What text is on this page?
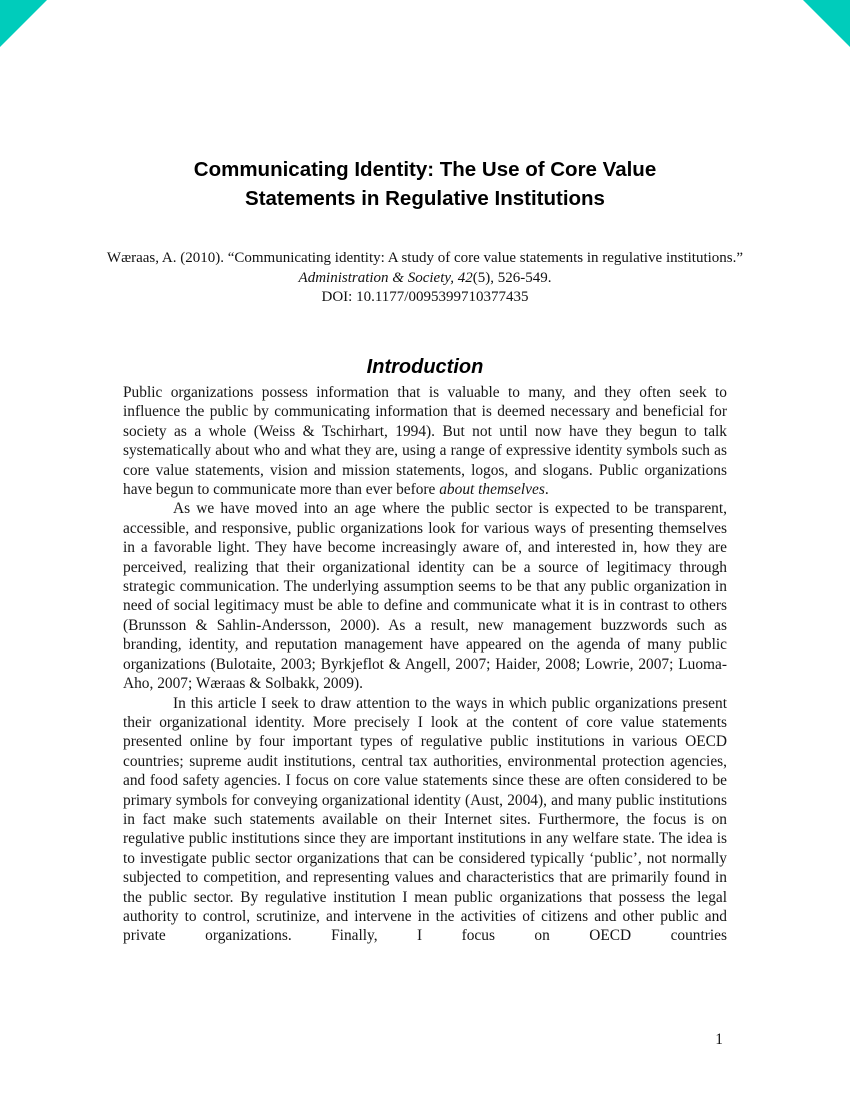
Communicating Identity: The Use of Core Value
Statements in Regulative Institutions
Wæraas, A. (2010). “Communicating identity: A study of core value statements in regulative institutions.”
Administration & Society, 42(5), 526-549.
DOI: 10.1177/0095399710377435
Introduction

Public organizations possess information that is valuable to many, and they often seek to influence the public by communicating information that is deemed necessary and beneficial for society as a whole (Weiss & Tschirhart, 1994). But not until now have they begun to talk systematically about who and what they are, using a range of expressive identity symbols such as core value statements, vision and mission statements, logos, and slogans. Public organizations have begun to communicate more than ever before about themselves.

As we have moved into an age where the public sector is expected to be transparent, accessible, and responsive, public organizations look for various ways of presenting themselves in a favorable light. They have become increasingly aware of, and interested in, how they are perceived, realizing that their organizational identity can be a source of legitimacy through strategic communication. The underlying assumption seems to be that any public organization in need of social legitimacy must be able to define and communicate what it is in contrast to others (Brunsson & Sahlin-Andersson, 2000). As a result, new management buzzwords such as branding, identity, and reputation management have appeared on the agenda of many public organizations (Bulotaite, 2003; Byrkjeflot & Angell, 2007; Haider, 2008; Lowrie, 2007; Luoma-Aho, 2007; Wæraas & Solbakk, 2009).

In this article I seek to draw attention to the ways in which public organizations present their organizational identity. More precisely I look at the content of core value statements presented online by four important types of regulative public institutions in various OECD countries; supreme audit institutions, central tax authorities, environmental protection agencies, and food safety agencies. I focus on core value statements since these are often considered to be primary symbols for conveying organizational identity (Aust, 2004), and many public institutions in fact make such statements available on their Internet sites. Furthermore, the focus is on regulative public institutions since they are important institutions in any welfare state. The idea is to investigate public sector organizations that can be considered typically ‘public’, not normally subjected to competition, and representing values and characteristics that are primarily found in the public sector. By regulative institution I mean public organizations that possess the legal authority to control, scrutinize, and intervene in the activities of citizens and other public and private organizations. Finally, I focus on OECD countries

1
